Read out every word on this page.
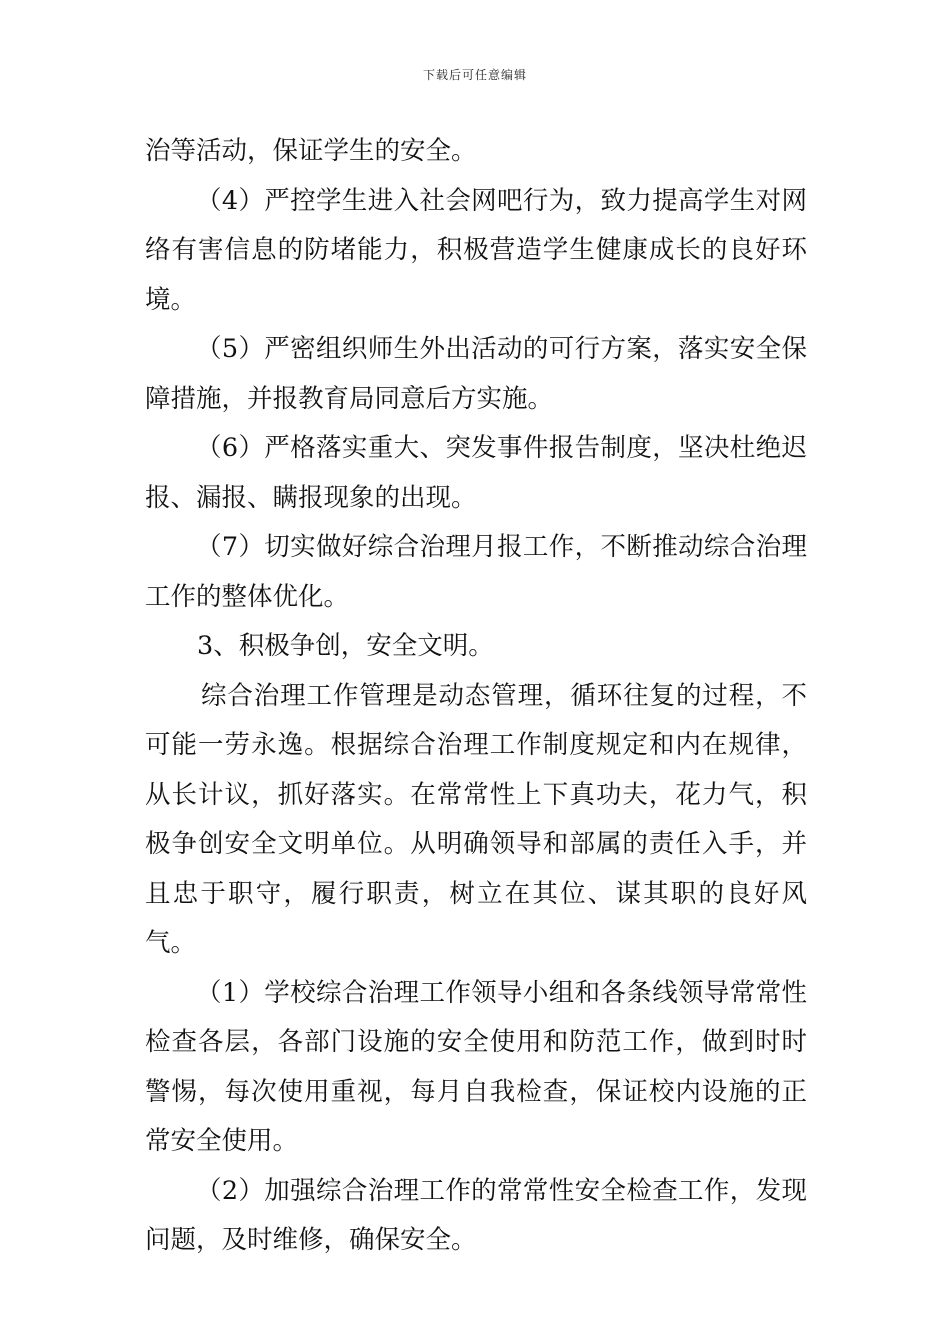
下载后可任意编辑

治等活动，保证学生的安全。

（4）严控学生进入社会网吧行为，致力提高学生对网络有害信息的防堵能力，积极营造学生健康成长的良好环境。

（5）严密组织师生外出活动的可行方案，落实安全保障措施，并报教育局同意后方实施。

（6）严格落实重大、突发事件报告制度，坚决杜绝迟报、漏报、瞒报现象的出现。

（7）切实做好综合治理月报工作，不断推动综合治理工作的整体优化。

3、积极争创，安全文明。

综合治理工作管理是动态管理，循环往复的过程，不可能一劳永逸。根据综合治理工作制度规定和内在规律，从长计议，抓好落实。在常常性上下真功夫，花力气，积极争创安全文明单位。从明确领导和部属的责任入手，并且忠于职守，履行职责，树立在其位、谋其职的良好风气。

（1）学校综合治理工作领导小组和各条线领导常常性检查各层，各部门设施的安全使用和防范工作，做到时时警惕，每次使用重视，每月自我检查，保证校内设施的正常安全使用。

（2）加强综合治理工作的常常性安全检查工作，发现问题，及时维修，确保安全。
